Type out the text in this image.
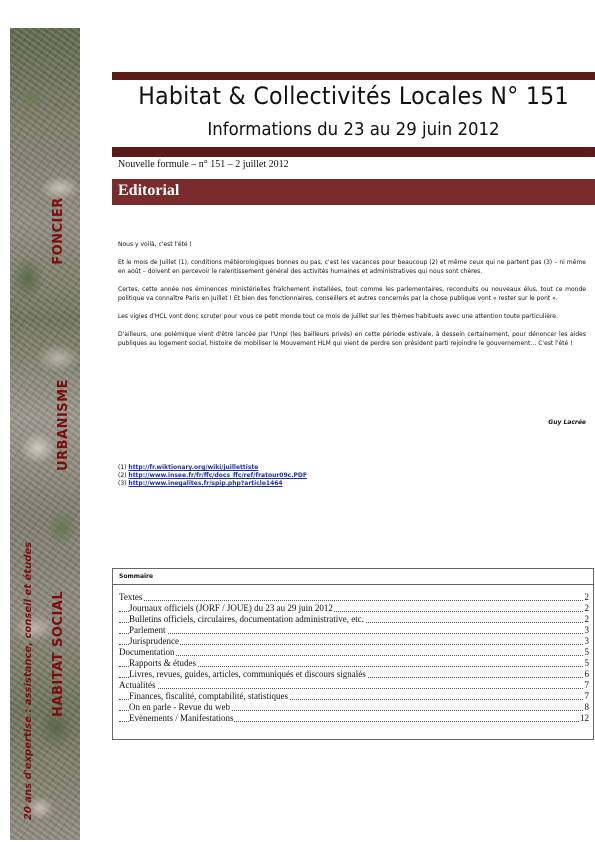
FONCIER
URBANISME
HABITAT SOCIAL
20 ans d'expertise : assistance, conseil et études
Habitat & Collectivités Locales N° 151
Informations du 23 au 29 juin 2012
Nouvelle formule – n° 151 – 2 juillet 2012
Editorial

Nous y voilà, c'est l'été !

Et le mois de Juillet (1), conditions météorologiques bonnes ou pas, c'est les vacances pour beaucoup (2) et même ceux qui ne partent pas (3) – ni même en août – doivent en percevoir le ralentissement général des activités humaines et administratives qui nous sont chères.

Certes, cette année nos éminences ministérielles fraîchement installées, tout comme les parlementaires, reconduits ou nouveaux élus, tout ce monde politique va connaître Paris en Juillet ! Et bien des fonctionnaires, conseillers et autres concernés par la chose publique vont « rester sur le pont ».

Les vigies d'HCL vont donc scruter pour vous ce petit monde tout ce mois de juillet sur les thèmes habituels avec une attention toute particulière.

D'ailleurs, une polémique vient d'être lancée par l'Unpi (les bailleurs privés) en cette période estivale, à dessein certainement, pour dénoncer les aides publiques au logement social, histoire de mobiliser le Mouvement HLM qui vient de perdre son président parti rejoindre le gouvernement… C'est l'été !

Guy Lacrée
(1) http://fr.wiktionary.org/wiki/juillettiste
(2) http://www.insee.fr/fr/ffc/docs_ffc/ref/fratour09c.PDF
(3) http://www.inegalites.fr/spip.php?article1464
Sommaire
Textes	2
Journaux officiels (JORF / JOUE) du 23 au 29 juin 2012	2
Bulletins officiels, circulaires, documentation administrative, etc.	2
Parlement	3
Jurisprudence	3
Documentation	5
Rapports & études	5
Livres, revues, guides, articles, communiqués et discours signalés	6
Actualités	7
Finances, fiscalité, comptabilité, statistiques	7
On en parle - Revue du web	8
Evènements / Manifestations	12
